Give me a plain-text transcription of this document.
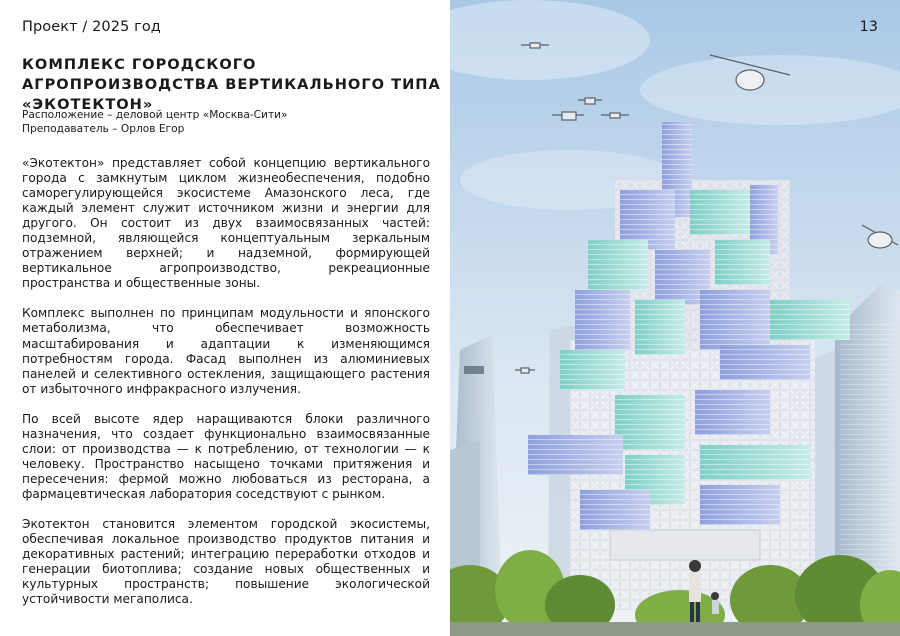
Проект / 2025 год
КОМПЛЕКС ГОРОДСКОГО АГРОПРОИЗВОДСТВА ВЕРТИКАЛЬНОГО ТИПА «ЭКОТЕКТОН»
Расположение – деловой центр «Москва-Сити»
Преподаватель – Орлов Егор

«Экотектон» представляет собой концепцию вертикального города с замкнутым циклом жизнеобеспечения, подобно саморегулирующейся экосистеме Амазонского леса, где каждый элемент служит источником жизни и энергии для другого. Он состоит из двух взаимосвязанных частей: подземной, являющейся концептуальным зеркальным отражением верхней; и надземной, формирующей вертикальное агропроизводство, рекреационные пространства и общественные зоны.

Комплекс выполнен по принципам модульности и японского метаболизма, что обеспечивает возможность масштабирования и адаптации к изменяющимся потребностям города. Фасад выполнен из алюминиевых панелей и селективного остекления, защищающего растения от избыточного инфракрасного излучения.

По всей высоте ядер наращиваются блоки различного назначения, что создает функционально взаимосвязанные слои: от производства — к потреблению, от технологии — к человеку. Пространство насыщено точками притяжения и пересечения: фермой можно любоваться из ресторана, а фармацевтическая лаборатория соседствуют с рынком.

Экотектон становится элементом городской экосистемы, обеспечивая локальное производство продуктов питания и декоративных растений; интеграцию переработки отходов и генерации биотоплива; создание новых общественных и культурных пространств; повышение экологической устойчивости мегаполиса.

13
